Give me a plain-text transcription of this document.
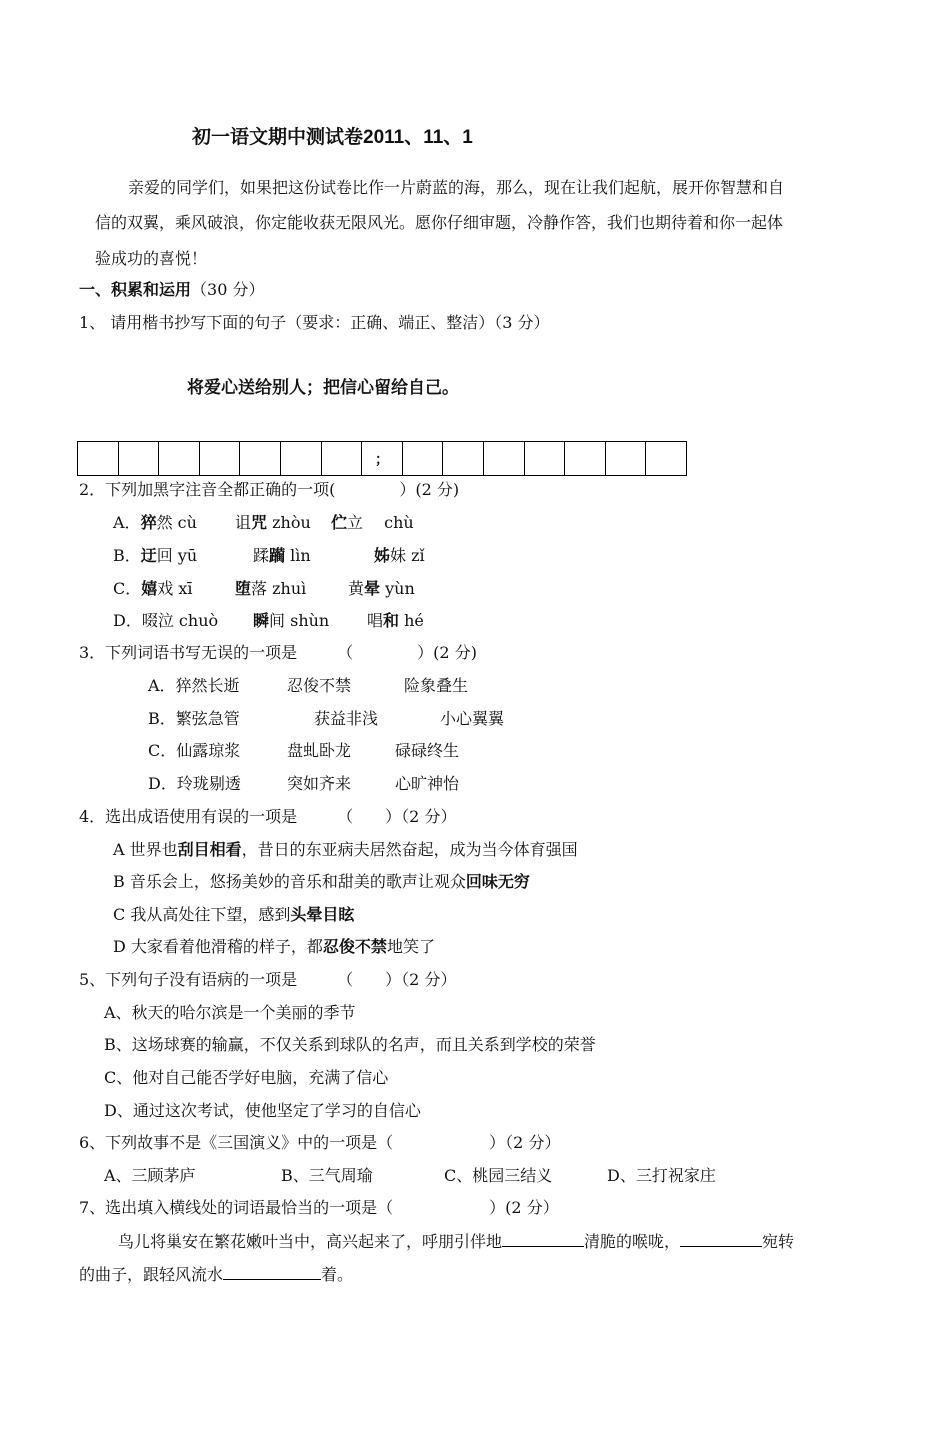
初一语文期中测试卷2011、11、1
亲爱的同学们，如果把这份试卷比作一片蔚蓝的海，那么，现在让我们起航，展开你智慧和自
信的双翼，乘风破浪，你定能收获无限风光。愿你仔细审题，冷静作答，我们也期待着和你一起体
验成功的喜悦！
一、积累和运用（30 分）
1、 请用楷书抄写下面的句子（要求：正确、端正、整洁）（3 分）
将爱心送给别人；把信心留给自己。
							；							
2．下列加黑字注音全都正确的一项(　　　　）(2 分)
A．猝然 cù 诅咒 zhòu 伫立　 chù
B．迂回 yū	蹂躏 lìn	姊妹 zǐ
C．嬉戏 xī	堕落 zhuì	黄晕 yùn
D．啜泣 chuò 瞬间 shùn 唱和 hé
3．下列词语书写无误的一项是　　　（　　　　）(2 分)
A．猝然长逝	忍俊不禁	险象叠生
B．繁弦急管	获益非浅	小心翼翼
C．仙露琼浆	盘虬卧龙	碌碌终生
D．玲珑剔透	突如齐来	心旷神怡
4．选出成语使用有误的一项是　　　（　　）（2 分）
A 世界也刮目相看，昔日的东亚病夫居然奋起，成为当今体育强国
B 音乐会上，悠扬美妙的音乐和甜美的歌声让观众回味无穷
C 我从高处往下望，感到头晕目眩
D 大家看着他滑稽的样子，都忍俊不禁地笑了
5、下列句子没有语病的一项是　　　（　　）（2 分）
A、秋天的哈尔滨是一个美丽的季节
B、这场球赛的输赢，不仅关系到球队的名声，而且关系到学校的荣誉
C、他对自己能否学好电脑，充满了信心
D、通过这次考试，使他坚定了学习的自信心
6、下列故事不是《三国演义》中的一项是（　　　　　　）（2 分）
A、三顾茅庐	B、三气周瑜	C、桃园三结义	D、三打祝家庄
7、选出填入横线处的词语最恰当的一项是（　　　　　　）(2 分）
鸟儿将巢安在繁花嫩叶当中，高兴起来了，呼朋引伴地	清脆的喉咙，	宛转
的曲子，跟轻风流水	着。
